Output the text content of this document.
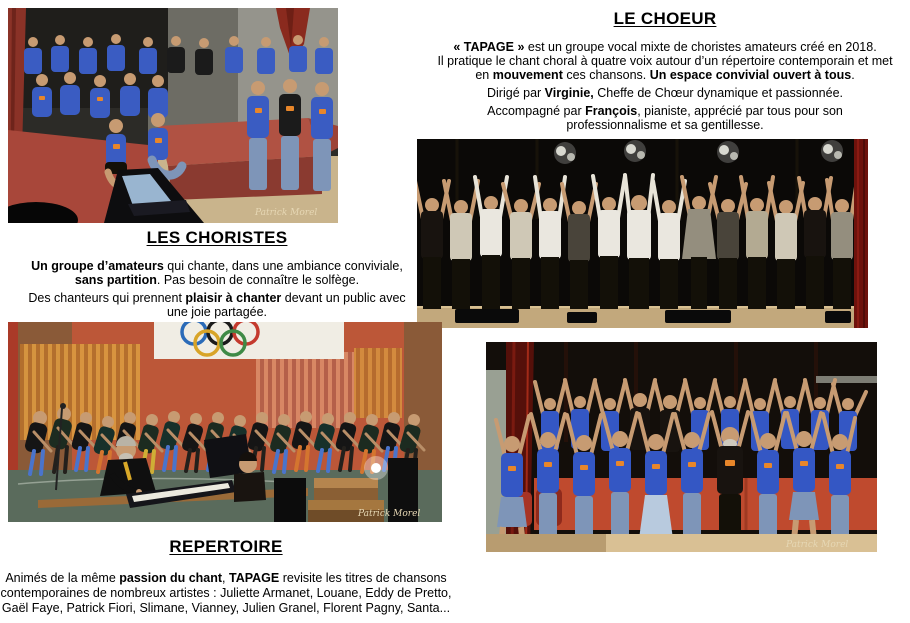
Patrick Morel
LE CHOEUR

« TAPAGE » est un groupe vocal mixte de choristes amateurs créé en 2018.
Il pratique le chant choral à quatre voix autour d’un répertoire contemporain et met
en mouvement ces chansons. Un espace convivial ouvert à tous.

Dirigé par Virginie, Cheffe de Chœur dynamique et passionnée.

Accompagné par François, pianiste, apprécié par tous pour son
professionnalisme et sa gentillesse.

LES CHORISTES

Un groupe d’amateurs qui chante, dans une ambiance conviviale,
sans partition. Pas besoin de connaître le solfège.

Des chanteurs qui prennent plaisir à chanter devant un public avec
une joie partagée.

Patrick Morel
Patrick Morel
REPERTOIRE

Animés de la même passion du chant, TAPAGE revisite les titres de chansons
contemporaines de nombreux artistes : Juliette Armanet, Louane, Eddy de Pretto,
Gaël Faye, Patrick Fiori, Slimane, Vianney, Julien Granel, Florent Pagny, Santa...
